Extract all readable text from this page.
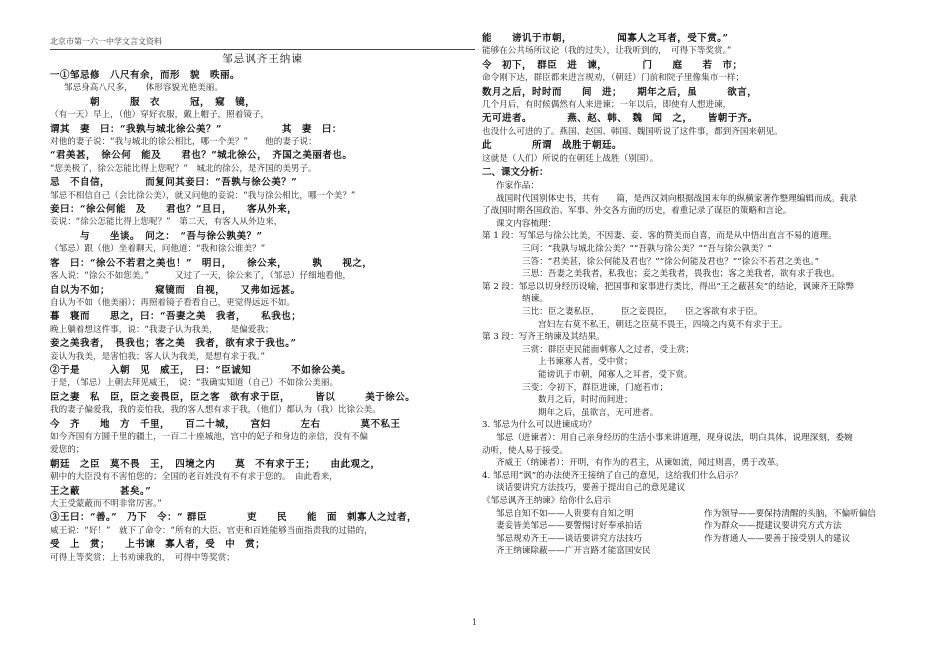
北京市第一六一中学文言文资料
邹忌讽齐王纳谏
一①邹忌修　八尺有余，而形　貌　昳丽。
邹忌身高八尺多，　　体形容貌光艳美丽。
　　　　朝　　　服　衣　　　冠，　窥　镜，
（有一天）早上，（他）穿好衣服，戴上帽子，照着镜子，
谓其　妻　曰：“我孰与城北徐公美？”　　　　　　其　妻　曰：
对他的妻子说：“我与城北的徐公相比，哪一个美？”　　他的妻子说：
“君美甚，　徐公何　能及　　君也？”城北徐公，　齐国之美丽者也。
“您美极了，徐公怎能比得上您呢？”　城北的徐公，是齐国的美男子。
忌　不自信，　　　　而复问其妾曰：“吾孰与徐公美？”
邹忌不相信自己（会比徐公美），就又问他的妾说：“我与徐公相比，哪一个美？”
妾曰：“徐公何能　及　　君也？”旦日，　　客从外来，
妾说：“徐公怎能比得上您呢？”　第二天，有客人从外边来，
　　　与　　坐谈。　问之：　“吾与徐公孰美？”
（邹忌）跟（他）坐着聊天，问他道：“我和徐公谁美？”
客　曰：“徐公不若君之美也！”　明日，　　徐公来，　　　孰　　视之，
客人说：“徐公不如您美。”　　　又过了一天，徐公来了，（邹忌）仔细地看他，
自以为不如；　　　　　窥镜而　自视，　　又弗如远甚。
自认为不如（他美丽）；再照着镜子看看自己，更觉得远远不如。
暮　寝而　　思之，曰：“吾妻之美　我者，　　私我也；
晚上躺着想这件事，说：“我妻子认为我美，　　是偏爱我；
妾之美我者，　畏我也；客之美　我者，欲有求于我也。”
妾认为我美，是害怕我；客人认为我美，是想有求于我。”
②于是　　　入朝　见　威王，　曰：“臣诚知　　　　不如徐公美。
于是，（邹忌）上朝去拜见威王，　说：“我确实知道（自己）不如徐公美丽。
臣之妻　私　臣，臣之妾畏臣，臣之客　欲有求于臣，　　　皆以　　　美于徐公。
我的妻子偏爱我，我的妾怕我，我的客人想有求于我，（他们）都认为（我）比徐公美。
今　齐　　地　方　千里，　　百二十城，　　宫妇　　　左右　　　　莫不私王
如今齐国有方圆千里的疆土，一百二十座城池，宫中的妃子和身边的亲信，没有不偏
爱您的；
朝廷　之臣　莫不畏　王，　四境之内　　莫　不有求于王；　　由此观之，
朝中的大臣没有不害怕您的；全国的老百姓没有不有求于您的。　由此看来，
王之蔽　　　　甚矣。”
大王受蒙蔽而不明非常厉害。”
③王曰：“善。”　乃下　令：“ 群臣　　　　吏　　民　　能　面　刺寡人之过者，
威王说：“好！”　就下了命令：“所有的大臣、官吏和百姓能够当面指责我的过错的，
受　上　赏；　　上书谏　寡人者，受　中　赏；
可得上等奖赏；上书劝谏我的，　可得中等奖赏；
能　　谤讥于市朝，　　　　　闻寡人之耳者，受下赏。”
能够在公共场所议论（我的过失），让我听到的，　可得下等奖赏。”
令　初下，　群臣　进　谏，　　　　门　　庭　　若　市；
命令刚下达，群臣都来进言规劝，（朝廷）门前和院子里像集市一样；
数月之后，时时而　　间　进；　　期年之后，虽　　　欲言，
几个月后，有时候偶然有人来进谏；一年以后，即使有人想进谏，
无可进者。　　　　燕、赵、韩、　魏　闻　之，　　皆朝于齐。
也没什么可进的了。燕国、赵国、韩国、魏国听说了这件事，都到齐国来朝见。
此　　　　所谓　战胜于朝廷。
这就是（人们）所说的在朝廷上战胜（别国）。
二、课文分析：
作家作品：
战国时代国别体史书，共有　　篇，是西汉刘向根据战国末年的纵横家著作整理编辑而成。载录
了战国时期各国政治、军事、外交各方面的历史，着重记录了谋臣的策略和言论。
课文内容梳理：
第 1 段：写邹忌与徐公比美，不因妻、妾、客的赞美而自喜，而是从中悟出直言不易的道理。
三问：“我孰与城北徐公美？”“吾孰与徐公美？”“吾与徐公孰美？”
三答：“君美甚，徐公何能及君也？”“徐公何能及君也？”“徐公不若君之美也。”
三思：吾妻之美我者，私我也；妾之美我者，畏我也；客之美我者，欲有求于我也。
第 2 段：邹忌以切身经历设喻，把国事和家事进行类比，得出“王之蔽甚矣”的结论，讽谏齐王除弊
纳谏。
三比：臣之妻私臣，　　　臣之妾畏臣，　　臣之客欲有求于臣。
宫妇左右莫不私王，朝廷之臣莫不畏王，四境之内莫不有求于王。
第 3 段：写齐王纳谏及其结果。
三赏：群臣吏民能面刺寡人之过者，受上赏；
上书谏寡人者，受中赏；
能谤讥于市朝，闻寡人之耳者，受下赏。
三变：令初下，群臣进谏，门庭若市；
数月之后，时时而间进；
期年之后，虽欲言，无可进者。
3. 邹忌为什么可以进谏成功？
邹忌（进谏者）：用自己亲身经历的生活小事来讲道理，现身说法，明白具体，说理深刻，委婉
动听，使人易于接受。
齐威王（纳谏者）：开明，有作为的君主，从谏如流，闻过则喜，勇于改革。
4. 邹忌用“讽”的办法使齐王接纳了自己的意见，这给我们什么启示？
谈话要讲究方法技巧，要善于提出自己的意见建议
《邹忌讽齐王纳谏》给你什么启示
邹忌自知不如——人贵要有自知之明	作为领导——要保持清醒的头脑，不偏听偏信
妻妾皆美邹忌——要警惕讨好奉承拍话	作为群众——提建议要讲究方式方法
邹忌规劝齐王——谈话要讲究方法技巧	作为普通人——要善于接受别人的建议
齐王纳谏除蔽——广开言路才能富国安民
1
